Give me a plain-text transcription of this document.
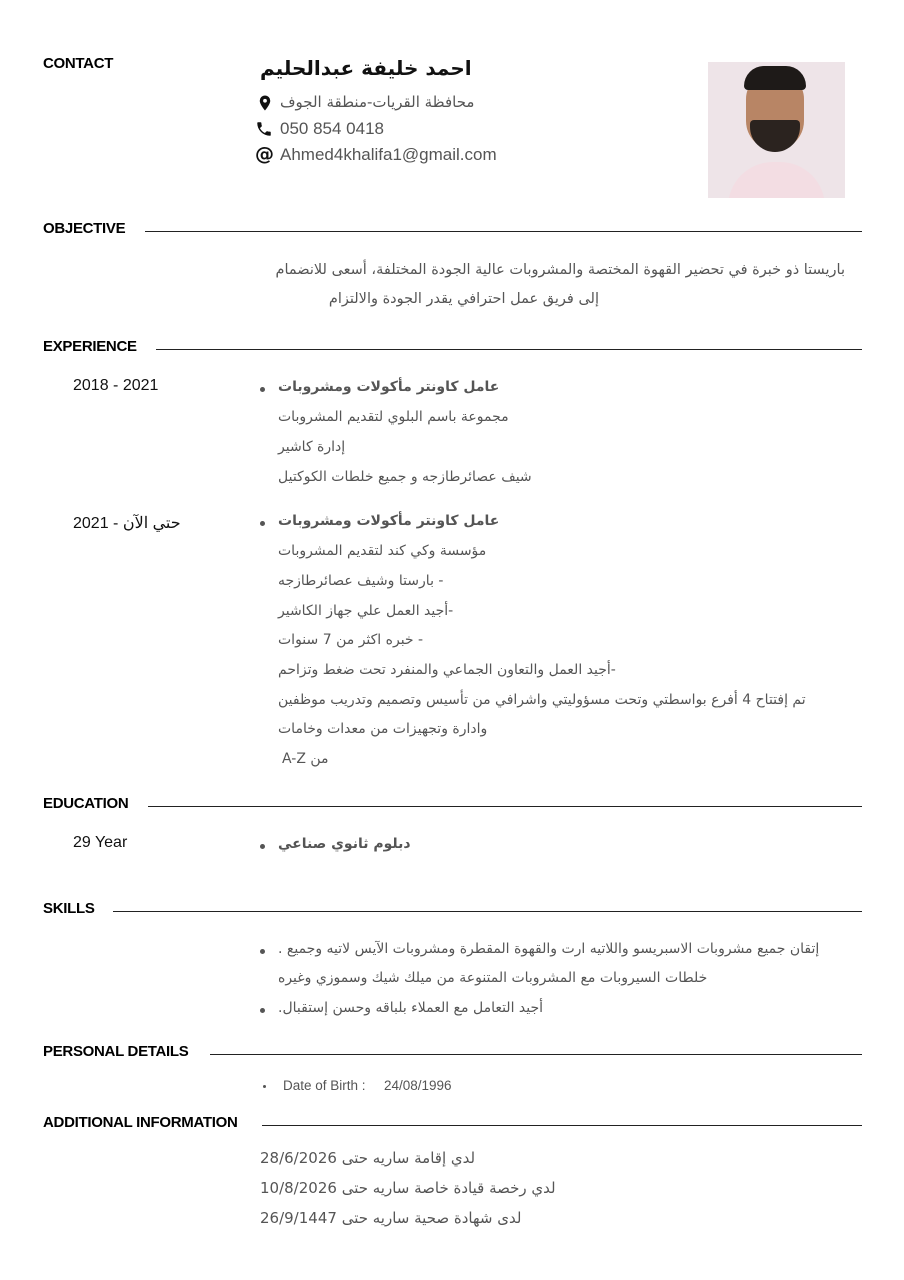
CONTACT	احمد خليفة عبدالحليم
محافظة القريات-منطقة الجوف
050 854 0418
@ Ahmed4khalifa1@gmail.com
OBJECTIVE
باريستا ذو خبرة في تحضير القهوة المختصة والمشروبات عالية الجودة المختلفة، أسعى للانضمام
إلى فريق عمل احترافي يقدر الجودة والالتزام
EXPERIENCE
2018 - 2021	عامل كاونتر مأكولات ومشروبات
مجموعة باسم البلوي لتقديم المشروبات
إدارة كاشير
شيف عصائرطازجه و جميع خلطات الكوكتيل
حتي الآن - 2021	عامل كاونتر مأكولات ومشروبات
مؤسسة وكي كند لتقديم المشروبات
- بارستا وشيف عصائرطازجه
-أجيد العمل علي جهاز الكاشير
- خبره اكثر من 7 سنوات
-أجيد العمل والتعاون الجماعي والمنفرد تحت ضغط وتزاحم
تم إفتتاح 4 أفرع بواسطتي وتحت مسؤوليتي واشرافي من تأسيس وتصميم وتدريب موظفين
وادارة وتجهيزات من معدات وخامات
من A-Z
EDUCATION
29 Year	دبلوم ثانوي صناعي
SKILLS
إتقان جميع مشروبات الاسبريسو واللاتيه ارت والقهوة المقطرة ومشروبات الآيس لاتيه وجميع .
خلطات السيروبات مع المشروبات المتنوعة من ميلك شيك وسموزي وغيره
أجيد التعامل مع العملاء بلباقه وحسن إستقبال.
PERSONAL DETAILS
Date of Birth : 24/08/1996
ADDITIONAL INFORMATION
لدي إقامة ساريه حتى 28/6/2026
لدي رخصة قيادة خاصة ساريه حتى 10/8/2026
لدى شهادة صحية ساريه حتى 26/9/1447
